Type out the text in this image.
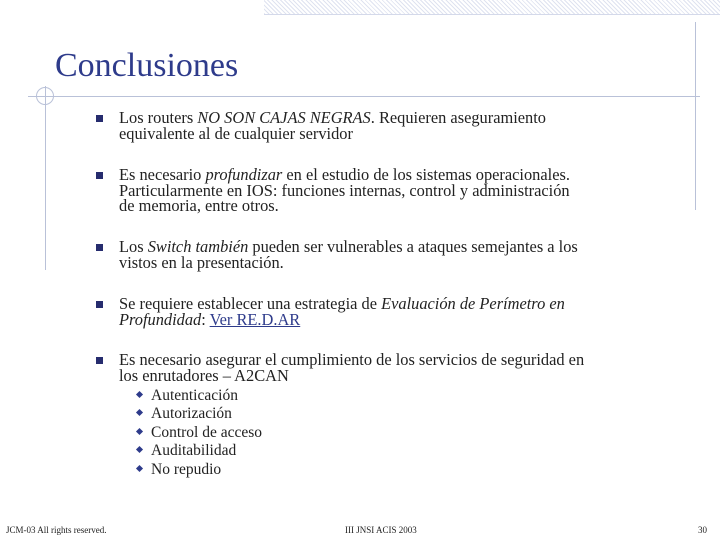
Conclusiones
Los routers NO SON CAJAS NEGRAS. Requieren aseguramiento
equivalente al de cualquier servidor
Es necesario profundizar en el estudio de los sistemas operacionales.
Particularmente en IOS: funciones internas, control y administración
de memoria, entre otros.
Los Switch también pueden ser vulnerables a ataques semejantes a los
vistos en la presentación.
Se requiere establecer una estrategia de Evaluación de Perímetro en
Profundidad: Ver RE.D.AR
Es necesario asegurar el cumplimiento de los servicios de seguridad en
los enrutadores – A2CAN
Autenticación
Autorización
Control de acceso
Auditabilidad
No repudio
JCM-03 All rights reserved.	III JNSI ACIS 2003	30
